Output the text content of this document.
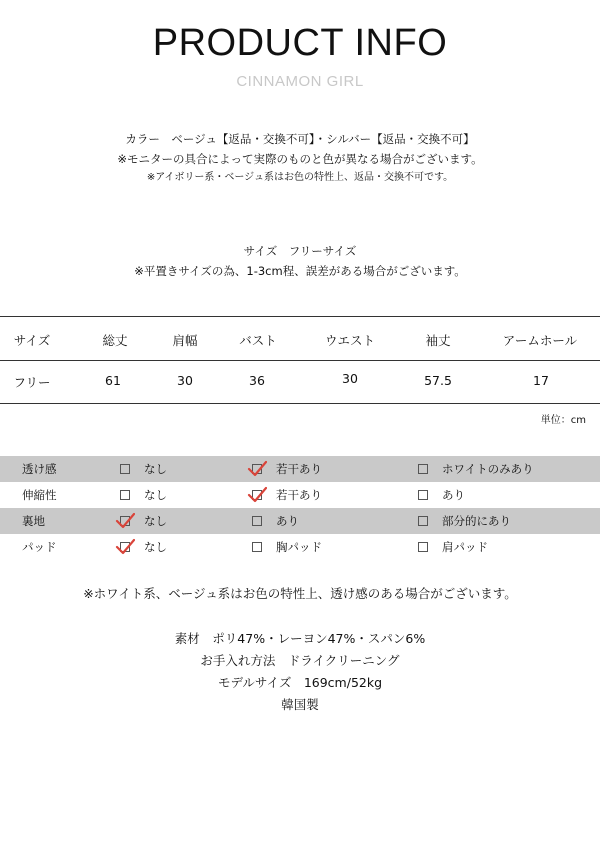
PRODUCT INFO
CINNAMON GIRL
カラー　ベージュ【返品・交換不可】・シルバー【返品・交換不可】
※モニターの具合によって実際のものと色が異なる場合がございます。
※アイボリー系・ベージュ系はお色の特性上、返品・交換不可です。
サイズ　フリーサイズ
※平置きサイズの為、1-3cm程、誤差がある場合がございます。
サイズ	総丈	肩幅	バスト	ウエスト	袖丈	アームホール
フリー	61	30	36	30	57.5	17
単位：cm
透け感	なし	若干あり	ホワイトのみあり
伸縮性	なし	若干あり	あり
裏地	なし	あり	部分的にあり
パッド	なし	胸パッド	肩パッド
※ホワイト系、ベージュ系はお色の特性上、透け感のある場合がございます。
素材　ポリ47%・レーヨン47%・スパン6%
お手入れ方法　ドライクリーニング
モデルサイズ　169cm/52kg
韓国製
